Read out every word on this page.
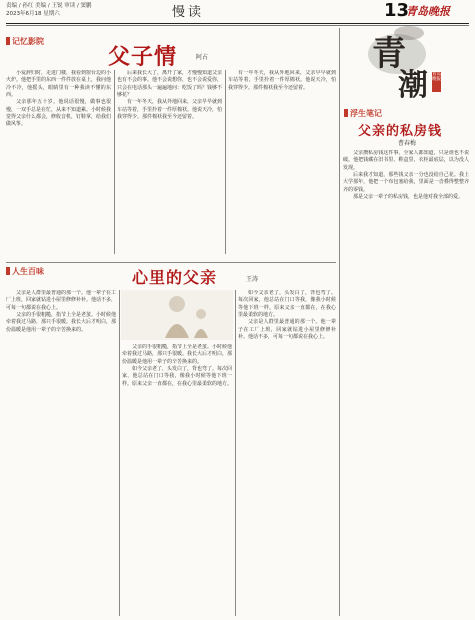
责编 / 孙红 美编 / 王锐 审读 / 窦鹏
2023年6月18 星期六	慢读	13
青岛晚报
青
潮 青岛晚报
记忆影院
父子情	阿占

小爱辞归时，走进门楼，我看到窗台边的小火炉。他把手里的东西一件件放在桌上，我问他冷不冷，他摇头，眼睛里有一种我读不懂的东西。

父亲那年五十岁。他说话很慢，做事也很慢，一双手总是在忙，从来不知道累。小时候我觉得父亲什么都会，修收音机，钉鞋掌，给我们做风筝。

后来我长大了，离开了家，才慢慢知道父亲也有不会的事。他不会说想你，也不会说爱你，只会在电话那头一遍遍地问：吃饭了吗？钱够不够花？

有一年冬天，我从外地回来，父亲早早就到车站等着，手里拎着一件厚棉袄。他说天冷，怕我穿得少。那件棉袄我至今还留着。

有一年冬天，我从外地回来，父亲早早就到车站等着，手里拎着一件厚棉袄。他说天冷，怕我穿得少。那件棉袄我至今还留着。

人生百味	心里的父亲	王涛

父亲是人群里最普通的那一个。他一辈子在工厂上班，回家就钻进小屋里修修补补。他话不多，可每一句都说在我心上。

父亲的手很粗糙，指节上全是老茧。小时候他牵着我过马路，那只手很暖。我长大后才明白，那份温暖是他用一辈子的辛苦换来的。

父亲的手很粗糙，指节上全是老茧。小时候他牵着我过马路，那只手很暖。我长大后才明白，那份温暖是他用一辈子的辛苦换来的。

如今父亲老了，头发白了，背也弯了。每次回家，他总站在门口等我，像我小时候等他下班一样。原来父亲一直都在，在我心里最柔软的地方。

如今父亲老了，头发白了，背也弯了。每次回家，他总站在门口等我，像我小时候等他下班一样。原来父亲一直都在，在我心里最柔软的地方。

父亲是人群里最普通的那一个。他一辈子在工厂上班，回家就钻进小屋里修修补补。他话不多，可每一句都说在我心上。

浮生笔记
父亲的私房钱
曹春梅

父亲攒私房钱这件事，全家人都知道，只是谁也不说破。他把钱藏在旧书里、鞋盒里、衣柜最底层，以为没人发现。

后来我才知道，那些钱父亲一分也没给自己花。我上大学那年，他把一个布包塞给我，里面是一沓叠得整整齐齐的零钱。

那是父亲一辈子的私房钱，也是他对我全部的爱。
